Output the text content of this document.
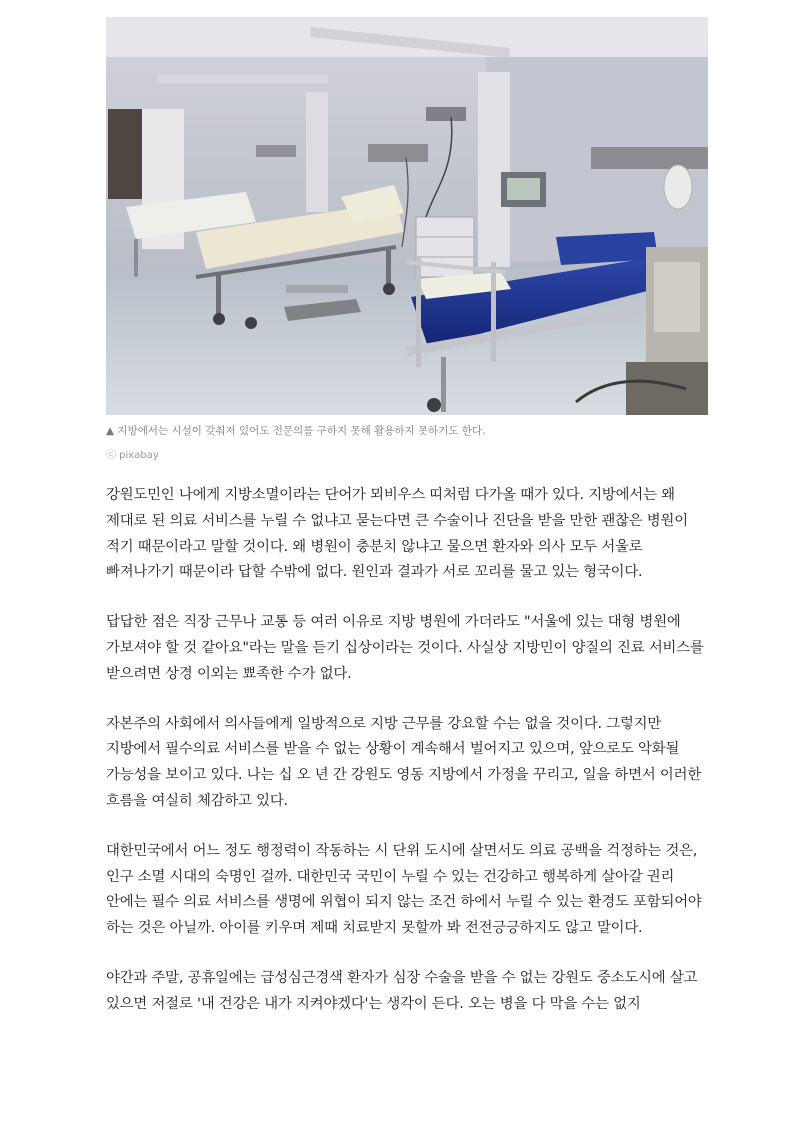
▲ 지방에서는 시설이 갖춰져 있어도 전문의를 구하지 못해 활용하지 못하기도 한다.
ⓒ pixabay

강원도민인 나에게 지방소멸이라는 단어가 뫼비우스 띠처럼 다가올 때가 있다. 지방에서는 왜 제대로 된 의료 서비스를 누릴 수 없냐고 묻는다면 큰 수술이나 진단을 받을 만한 괜찮은 병원이 적기 때문이라고 말할 것이다. 왜 병원이 충분치 않냐고 물으면 환자와 의사 모두 서울로 빠져나가기 때문이라 답할 수밖에 없다. 원인과 결과가 서로 꼬리를 물고 있는 형국이다.

답답한 점은 직장 근무나 교통 등 여러 이유로 지방 병원에 가더라도 "서울에 있는 대형 병원에 가보셔야 할 것 같아요"라는 말을 듣기 십상이라는 것이다. 사실상 지방민이 양질의 진료 서비스를 받으려면 상경 이외는 뾰족한 수가 없다.

자본주의 사회에서 의사들에게 일방적으로 지방 근무를 강요할 수는 없을 것이다. 그렇지만 지방에서 필수의료 서비스를 받을 수 없는 상황이 계속해서 벌어지고 있으며, 앞으로도 악화될 가능성을 보이고 있다. 나는 십 오 년 간 강원도 영동 지방에서 가정을 꾸리고, 일을 하면서 이러한 흐름을 여실히 체감하고 있다.

대한민국에서 어느 정도 행정력이 작동하는 시 단위 도시에 살면서도 의료 공백을 걱정하는 것은, 인구 소멸 시대의 숙명인 걸까. 대한민국 국민이 누릴 수 있는 건강하고 행복하게 살아갈 권리 안에는 필수 의료 서비스를 생명에 위협이 되지 않는 조건 하에서 누릴 수 있는 환경도 포함되어야 하는 것은 아닐까. 아이를 키우며 제때 치료받지 못할까 봐 전전긍긍하지도 않고 말이다.

야간과 주말, 공휴일에는 급성심근경색 환자가 심장 수술을 받을 수 없는 강원도 중소도시에 살고 있으면 저절로 '내 건강은 내가 지켜야겠다'는 생각이 든다. 오는 병을 다 막을 수는 없지
